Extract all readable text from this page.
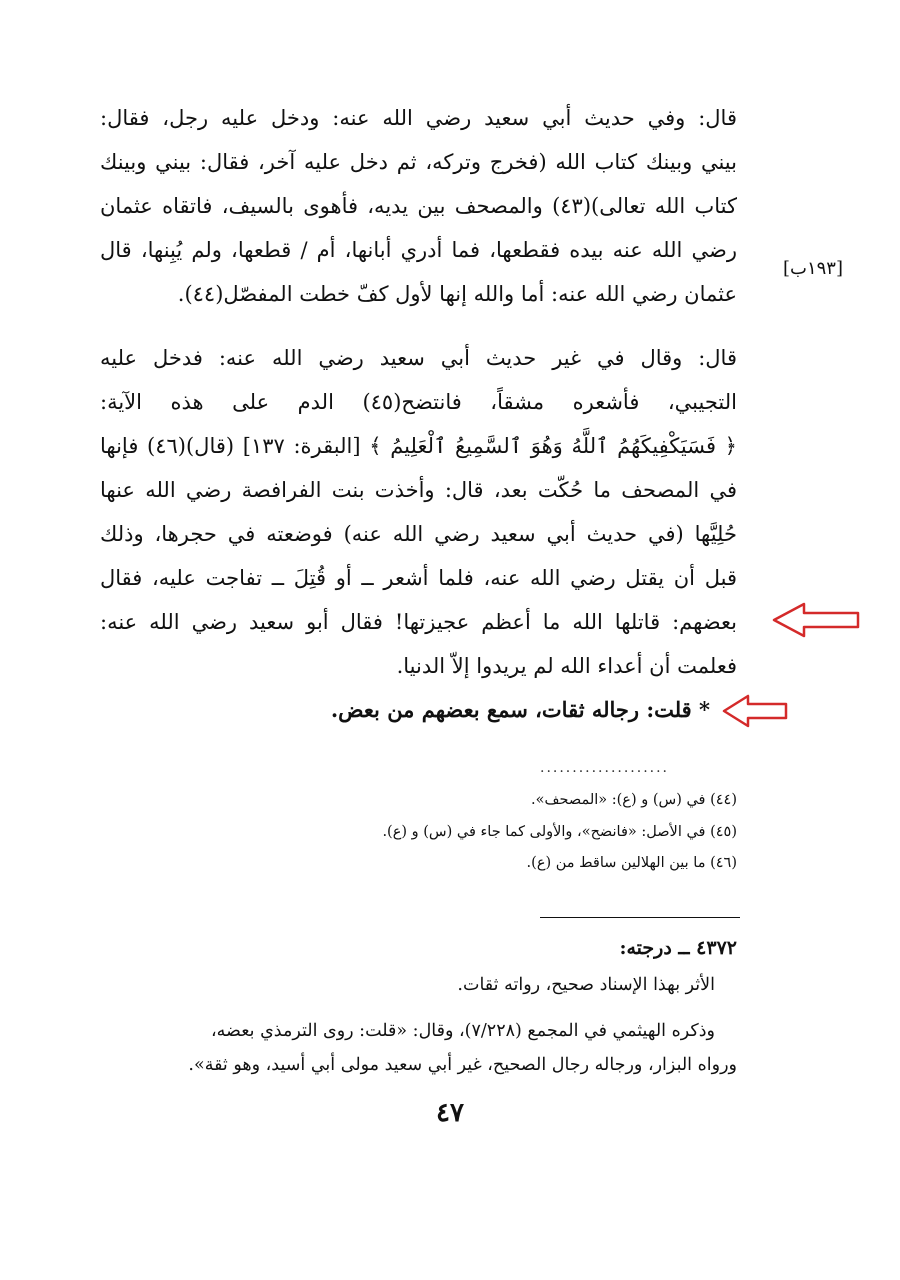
قال: وفي حديث أبي سعيد رضي الله عنه: ودخل عليه رجل، فقال:
بيني وبينك كتاب الله (فخرج وتركه، ثم دخل عليه آخر، فقال: بيني وبينك
كتاب الله تعالى)(٤٣) والمصحف بين يديه، فأهوى بالسيف، فاتقاه عثمان
رضي الله عنه بيده فقطعها، فما أدري أبانها، أم / قطعها، ولم يُبِنها، قال
عثمان رضي الله عنه: أما والله إنها لأول كفّ خطت المفصّل(٤٤).
[١٩٣ب]
قال: وقال في غير حديث أبي سعيد رضي الله عنه: فدخل عليه
التجيبي، فأشعره مشقاً، فانتضح(٤٥) الدم على هذه الآية:
﴿ فَسَيَكْفِيكَهُمُ ٱللَّهُ وَهُوَ ٱلسَّمِيعُ ٱلْعَلِيمُ ﴾ [البقرة: ١٣٧] (قال)(٤٦) فإنها
في المصحف ما حُكّت بعد، قال: وأخذت بنت الفرافصة رضي الله عنها
حُلِيَّها (في حديث أبي سعيد رضي الله عنه) فوضعته في حجرها، وذلك
قبل أن يقتل رضي الله عنه، فلما أشعر ــ أو قُتِلَ ــ تفاجت عليه، فقال
بعضهم: قاتلها الله ما أعظم عجيزتها! فقال أبو سعيد رضي الله عنه:
فعلمت أن أعداء الله لم يريدوا إلاّ الدنيا.
* قلت: رجاله ثقات، سمع بعضهم من بعض.
....................
(٤٤) في (س) و (ع): «المصحف».
(٤٥) في الأصل: «فانضح»، والأولى كما جاء في (س) و (ع).
(٤٦) ما بين الهلالين ساقط من (ع).
٤٣٧٢ ــ درجته:
الأثر بهذا الإسناد صحيح، رواته ثقات.
وذكره الهيثمي في المجمع (٧/٢٢٨)، وقال: «قلت: روى الترمذي بعضه،
ورواه البزار، ورجاله رجال الصحيح، غير أبي سعيد مولى أبي أسيد، وهو ثقة».
٤٧
